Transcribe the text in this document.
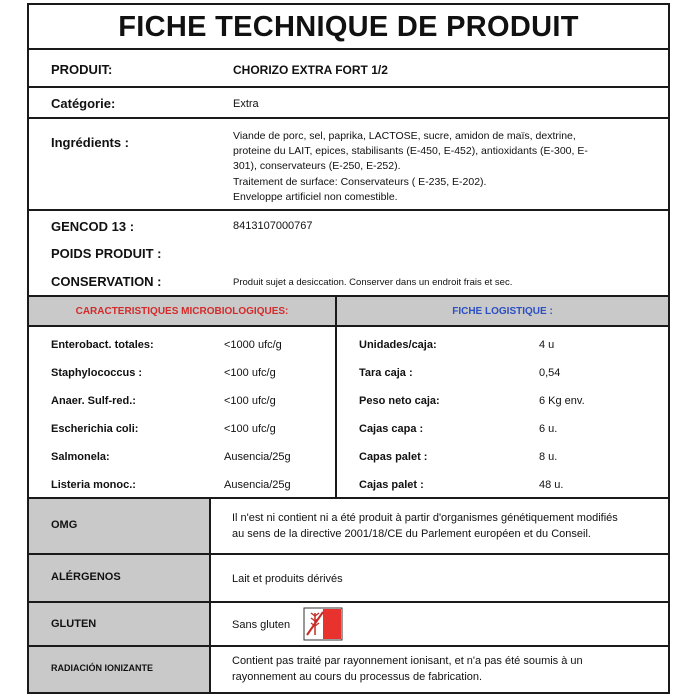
FICHE TECHNIQUE DE PRODUIT
PRODUIT:	CHORIZO EXTRA FORT 1/2
Catégorie:	Extra
Ingrédients :	Viande de porc, sel, paprika, LACTOSE, sucre, amidon de maïs, dextrine,
proteine du LAIT, epices, stabilisants (E-450, E-452), antioxidants (E-300, E-
301), conservateurs (E-250, E-252).
Traitement de surface: Conservateurs ( E-235, E-202).
Enveloppe artificiel non comestible.
GENCOD 13 :	8413107000767
POIDS PRODUIT :
CONSERVATION :	Produit sujet a desiccation. Conserver dans un endroit frais et sec.
CARACTERISTIQUES MICROBIOLOGIQUES:
Enterobact. totales:	<1000 ufc/g
Staphylococcus :	<100 ufc/g
Anaer. Sulf-red.:	<100 ufc/g
Escherichia coli:	<100 ufc/g
Salmonela:	Ausencia/25g
Listeria monoc.:	Ausencia/25g
FICHE LOGISTIQUE :
Unidades/caja:	4 u
Tara caja :	0,54
Peso neto caja:	6 Kg env.
Cajas capa :	6 u.
Capas palet :	8 u.
Cajas palet :	48 u.
OMG
Il n'est ni contient ni a été produit à partir d'organismes génétiquement modifiés
au sens de la directive 2001/18/CE du Parlement européen et du Conseil.
ALÉRGENOS	Lait et produits dérivés
GLUTEN	Sans gluten
RADIACIÓN IONIZANTE
Contient pas traité par rayonnement ionisant, et n'a pas été soumis à un
rayonnement au cours du processus de fabrication.
